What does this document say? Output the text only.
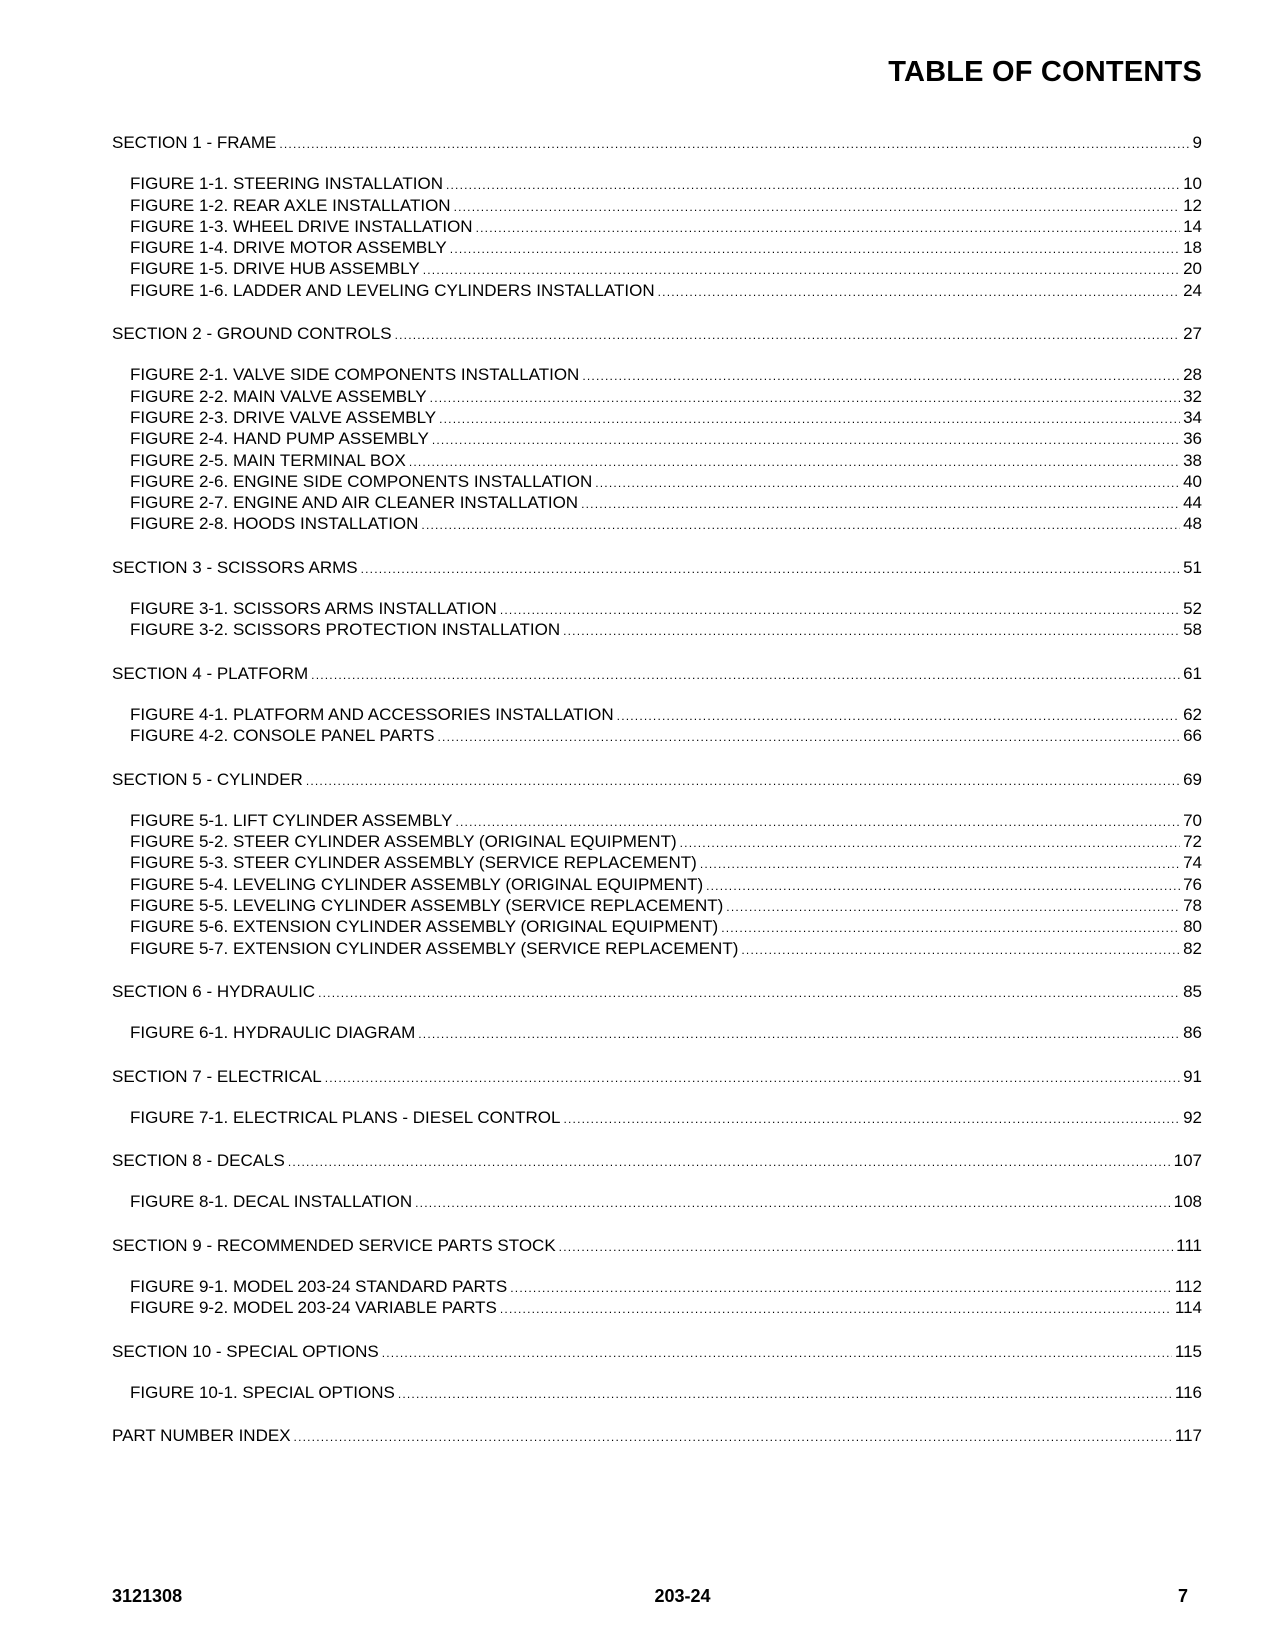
TABLE OF CONTENTS
SECTION 1 - FRAME .....	9
FIGURE 1-1. STEERING INSTALLATION .....	10
FIGURE 1-2. REAR AXLE INSTALLATION .....	12
FIGURE 1-3. WHEEL DRIVE INSTALLATION .....	14
FIGURE 1-4. DRIVE MOTOR ASSEMBLY .....	18
FIGURE 1-5. DRIVE HUB ASSEMBLY .....	20
FIGURE 1-6. LADDER AND LEVELING CYLINDERS INSTALLATION .....	24
SECTION 2 - GROUND CONTROLS .....	27
FIGURE 2-1. VALVE SIDE COMPONENTS INSTALLATION .....	28
FIGURE 2-2. MAIN VALVE ASSEMBLY .....	32
FIGURE 2-3. DRIVE VALVE ASSEMBLY .....	34
FIGURE 2-4. HAND PUMP ASSEMBLY .....	36
FIGURE 2-5. MAIN TERMINAL BOX .....	38
FIGURE 2-6. ENGINE SIDE COMPONENTS INSTALLATION .....	40
FIGURE 2-7. ENGINE AND AIR CLEANER INSTALLATION .....	44
FIGURE 2-8. HOODS INSTALLATION .....	48
SECTION 3 - SCISSORS ARMS .....	51
FIGURE 3-1. SCISSORS ARMS INSTALLATION .....	52
FIGURE 3-2. SCISSORS PROTECTION INSTALLATION .....	58
SECTION 4 - PLATFORM .....	61
FIGURE 4-1. PLATFORM AND ACCESSORIES INSTALLATION .....	62
FIGURE 4-2. CONSOLE PANEL PARTS .....	66
SECTION 5 - CYLINDER .....	69
FIGURE 5-1. LIFT CYLINDER ASSEMBLY .....	70
FIGURE 5-2. STEER CYLINDER ASSEMBLY (ORIGINAL EQUIPMENT) .....	72
FIGURE 5-3. STEER CYLINDER ASSEMBLY (SERVICE REPLACEMENT) .....	74
FIGURE 5-4. LEVELING CYLINDER ASSEMBLY (ORIGINAL EQUIPMENT) .....	76
FIGURE 5-5. LEVELING CYLINDER ASSEMBLY (SERVICE REPLACEMENT) .....	78
FIGURE 5-6. EXTENSION CYLINDER ASSEMBLY (ORIGINAL EQUIPMENT) .....	80
FIGURE 5-7. EXTENSION CYLINDER ASSEMBLY (SERVICE REPLACEMENT) .....	82
SECTION 6 - HYDRAULIC .....	85
FIGURE 6-1. HYDRAULIC DIAGRAM .....	86
SECTION 7 - ELECTRICAL .....	91
FIGURE 7-1. ELECTRICAL PLANS - DIESEL CONTROL .....	92
SECTION 8 - DECALS .....	107
FIGURE 8-1. DECAL INSTALLATION .....	108
SECTION 9 - RECOMMENDED SERVICE PARTS STOCK .....	111
FIGURE 9-1. MODEL 203-24 STANDARD PARTS .....	112
FIGURE 9-2. MODEL 203-24 VARIABLE PARTS .....	114
SECTION 10 - SPECIAL OPTIONS .....	115
FIGURE 10-1. SPECIAL OPTIONS .....	116
PART NUMBER INDEX .....	117
3121308	203-24	7
